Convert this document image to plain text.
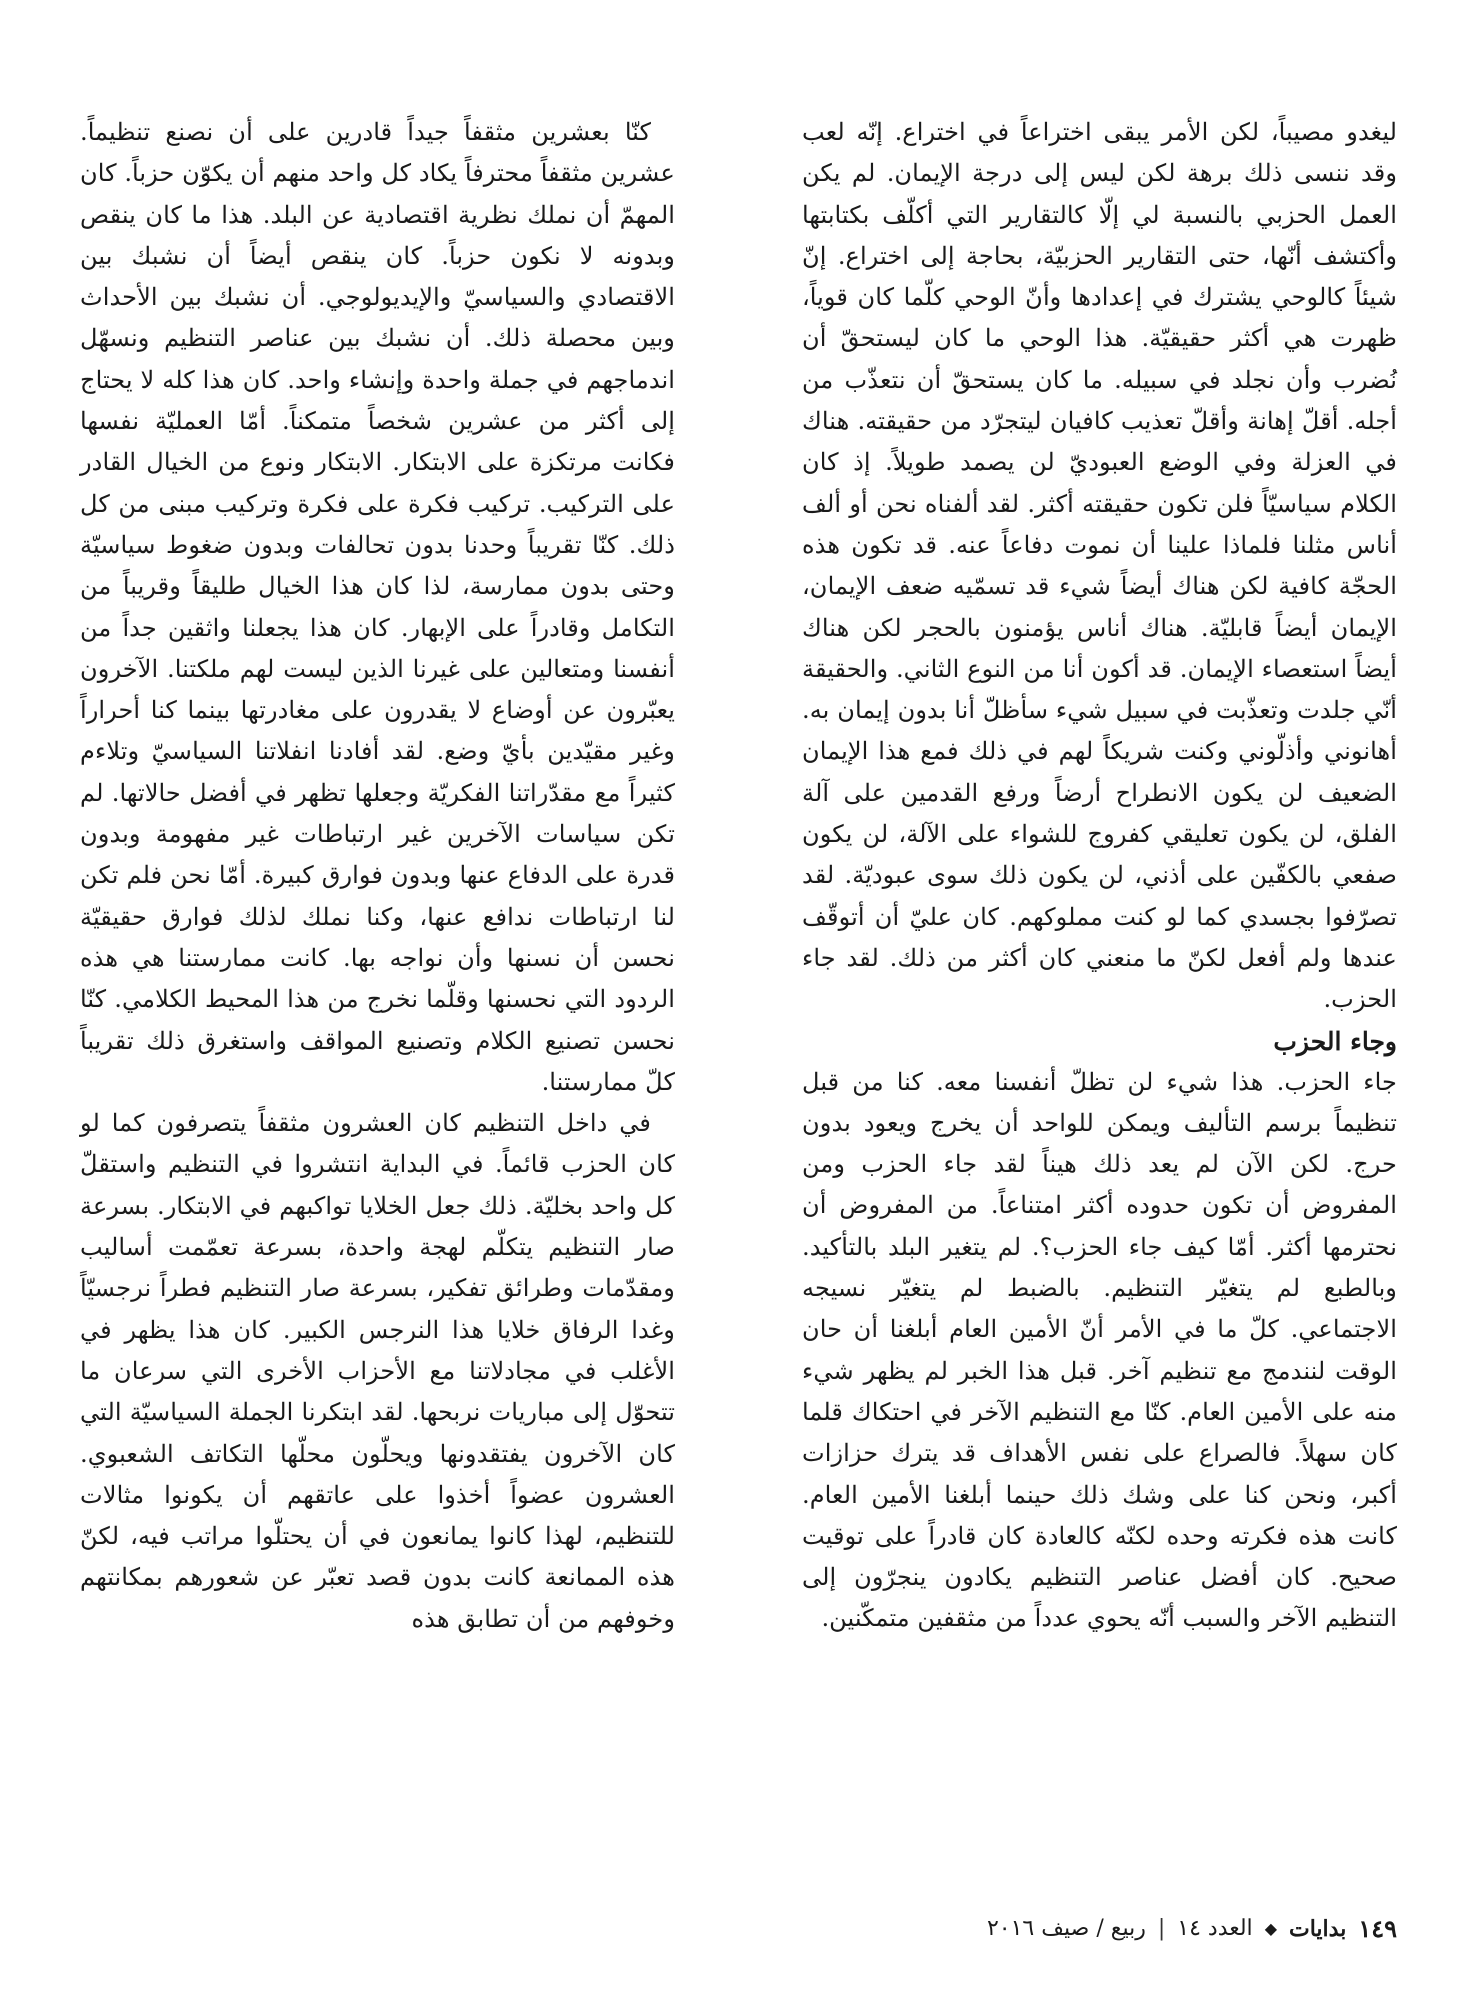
ليغدو مصيباً، لكن الأمر يبقى اختراعاً في اختراع. إنّه لعب وقد ننسى ذلك برهة لكن ليس إلى درجة الإيمان. لم يكن العمل الحزبي بالنسبة لي إلّا كالتقارير التي أكلّف بكتابتها وأكتشف أنّها، حتى التقارير الحزبيّة، بحاجة إلى اختراع. إنّ شيئاً كالوحي يشترك في إعدادها وأنّ الوحي كلّما كان قوياً، ظهرت هي أكثر حقيقيّة. هذا الوحي ما كان ليستحقّ أن نُضرب وأن نجلد في سبيله. ما كان يستحقّ أن نتعذّب من أجله. أقلّ إهانة وأقلّ تعذيب كافيان ليتجرّد من حقيقته. هناك في العزلة وفي الوضع العبوديّ لن يصمد طويلاً. إذ كان الكلام سياسيّاً فلن تكون حقيقته أكثر. لقد ألفناه نحن أو ألف أناس مثلنا فلماذا علينا أن نموت دفاعاً عنه. قد تكون هذه الحجّة كافية لكن هناك أيضاً شيء قد تسمّيه ضعف الإيمان، الإيمان أيضاً قابليّة. هناك أناس يؤمنون بالحجر لكن هناك أيضاً استعصاء الإيمان. قد أكون أنا من النوع الثاني. والحقيقة أنّي جلدت وتعذّبت في سبيل شيء سأظلّ أنا بدون إيمان به. أهانوني وأذلّوني وكنت شريكاً لهم في ذلك فمع هذا الإيمان الضعيف لن يكون الانطراح أرضاً ورفع القدمين على آلة الفلق، لن يكون تعليقي كفروج للشواء على الآلة، لن يكون صفعي بالكفّين على أذني، لن يكون ذلك سوى عبوديّة. لقد تصرّفوا بجسدي كما لو كنت مملوكهم. كان عليّ أن أتوقّف عندها ولم أفعل لكنّ ما منعني كان أكثر من ذلك. لقد جاء الحزب.

وجاء الحزب

جاء الحزب. هذا شيء لن تظلّ أنفسنا معه. كنا من قبل تنظيماً برسم التأليف ويمكن للواحد أن يخرج ويعود بدون حرج. لكن الآن لم يعد ذلك هيناً لقد جاء الحزب ومن المفروض أن تكون حدوده أكثر امتناعاً. من المفروض أن نحترمها أكثر. أمّا كيف جاء الحزب؟. لم يتغير البلد بالتأكيد. وبالطبع لم يتغيّر التنظيم. بالضبط لم يتغيّر نسيجه الاجتماعي. كلّ ما في الأمر أنّ الأمين العام أبلغنا أن حان الوقت لنندمج مع تنظيم آخر. قبل هذا الخبر لم يظهر شيء منه على الأمين العام. كنّا مع التنظيم الآخر في احتكاك قلما كان سهلاً. فالصراع على نفس الأهداف قد يترك حزازات أكبر، ونحن كنا على وشك ذلك حينما أبلغنا الأمين العام. كانت هذه فكرته وحده لكنّه كالعادة كان قادراً على توقيت صحيح. كان أفضل عناصر التنظيم يكادون ينجرّون إلى التنظيم الآخر والسبب أنّه يحوي عدداً من مثقفين متمكّنين.

كنّا بعشرين مثقفاً جيداً قادرين على أن نصنع تنظيماً. عشرين مثقفاً محترفاً يكاد كل واحد منهم أن يكوّن حزباً. كان المهمّ أن نملك نظرية اقتصادية عن البلد. هذا ما كان ينقص وبدونه لا نكون حزباً. كان ينقص أيضاً أن نشبك بين الاقتصادي والسياسيّ والإيديولوجي. أن نشبك بين الأحداث وبين محصلة ذلك. أن نشبك بين عناصر التنظيم ونسهّل اندماجهم في جملة واحدة وإنشاء واحد. كان هذا كله لا يحتاج إلى أكثر من عشرين شخصاً متمكناً. أمّا العمليّة نفسها فكانت مرتكزة على الابتكار. الابتكار ونوع من الخيال القادر على التركيب. تركيب فكرة على فكرة وتركيب مبنى من كل ذلك. كنّا تقريباً وحدنا بدون تحالفات وبدون ضغوط سياسيّة وحتى بدون ممارسة، لذا كان هذا الخيال طليقاً وقريباً من التكامل وقادراً على الإبهار. كان هذا يجعلنا واثقين جداً من أنفسنا ومتعالين على غيرنا الذين ليست لهم ملكتنا. الآخرون يعبّرون عن أوضاع لا يقدرون على مغادرتها بينما كنا أحراراً وغير مقيّدين بأيّ وضع. لقد أفادنا انفلاتنا السياسيّ وتلاءم كثيراً مع مقدّراتنا الفكريّة وجعلها تظهر في أفضل حالاتها. لم تكن سياسات الآخرين غير ارتباطات غير مفهومة وبدون قدرة على الدفاع عنها وبدون فوارق كبيرة. أمّا نحن فلم تكن لنا ارتباطات ندافع عنها، وكنا نملك لذلك فوارق حقيقيّة نحسن أن نسنها وأن نواجه بها. كانت ممارستنا هي هذه الردود التي نحسنها وقلّما نخرج من هذا المحيط الكلامي. كنّا نحسن تصنيع الكلام وتصنيع المواقف واستغرق ذلك تقريباً كلّ ممارستنا.

في داخل التنظيم كان العشرون مثقفاً يتصرفون كما لو كان الحزب قائماً. في البداية انتشروا في التنظيم واستقلّ كل واحد بخليّة. ذلك جعل الخلايا تواكبهم في الابتكار. بسرعة صار التنظيم يتكلّم لهجة واحدة، بسرعة تعمّمت أساليب ومقدّمات وطرائق تفكير، بسرعة صار التنظيم فطراً نرجسيّاً وغدا الرفاق خلايا هذا النرجس الكبير. كان هذا يظهر في الأغلب في مجادلاتنا مع الأحزاب الأخرى التي سرعان ما تتحوّل إلى مباريات نربحها. لقد ابتكرنا الجملة السياسيّة التي كان الآخرون يفتقدونها ويحلّون محلّها التكاتف الشعبوي. العشرون عضواً أخذوا على عاتقهم أن يكونوا مثالات للتنظيم، لهذا كانوا يمانعون في أن يحتلّوا مراتب فيه، لكنّ هذه الممانعة كانت بدون قصد تعبّر عن شعورهم بمكانتهم وخوفهم من أن تطابق هذه

١٤٩
بدايات
◆
العدد ١٤
|
ربيع / صيف ٢٠١٦
